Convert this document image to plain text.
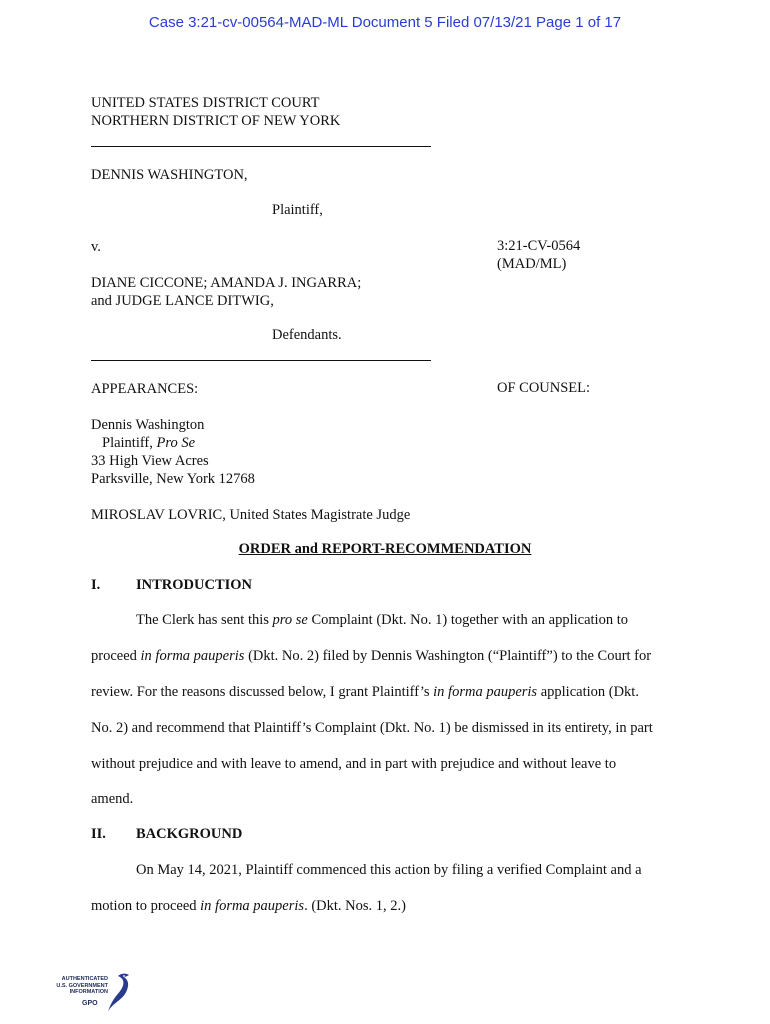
Case 3:21-cv-00564-MAD-ML Document 5 Filed 07/13/21 Page 1 of 17
UNITED STATES DISTRICT COURT
NORTHERN DISTRICT OF NEW YORK
DENNIS WASHINGTON,
Plaintiff,
v.	3:21-CV-0564
(MAD/ML)
DIANE CICCONE; AMANDA J. INGARRA;
and JUDGE LANCE DITWIG,
Defendants.
APPEARANCES:	OF COUNSEL:
Dennis Washington
Plaintiff, Pro Se
33 High View Acres
Parksville, New York 12768
MIROSLAV LOVRIC, United States Magistrate Judge
ORDER and REPORT-RECOMMENDATION
I. INTRODUCTION
The Clerk has sent this pro se Complaint (Dkt. No. 1) together with an application to
proceed in forma pauperis (Dkt. No. 2) filed by Dennis Washington (“Plaintiff”) to the Court for
review. For the reasons discussed below, I grant Plaintiff’s in forma pauperis application (Dkt.
No. 2) and recommend that Plaintiff’s Complaint (Dkt. No. 1) be dismissed in its entirety, in part
without prejudice and with leave to amend, and in part with prejudice and without leave to
amend.
II. BACKGROUND
On May 14, 2021, Plaintiff commenced this action by filing a verified Complaint and a
motion to proceed in forma pauperis. (Dkt. Nos. 1, 2.)
AUTHENTICATED
U.S. GOVERNMENT
INFORMATION
GPO
